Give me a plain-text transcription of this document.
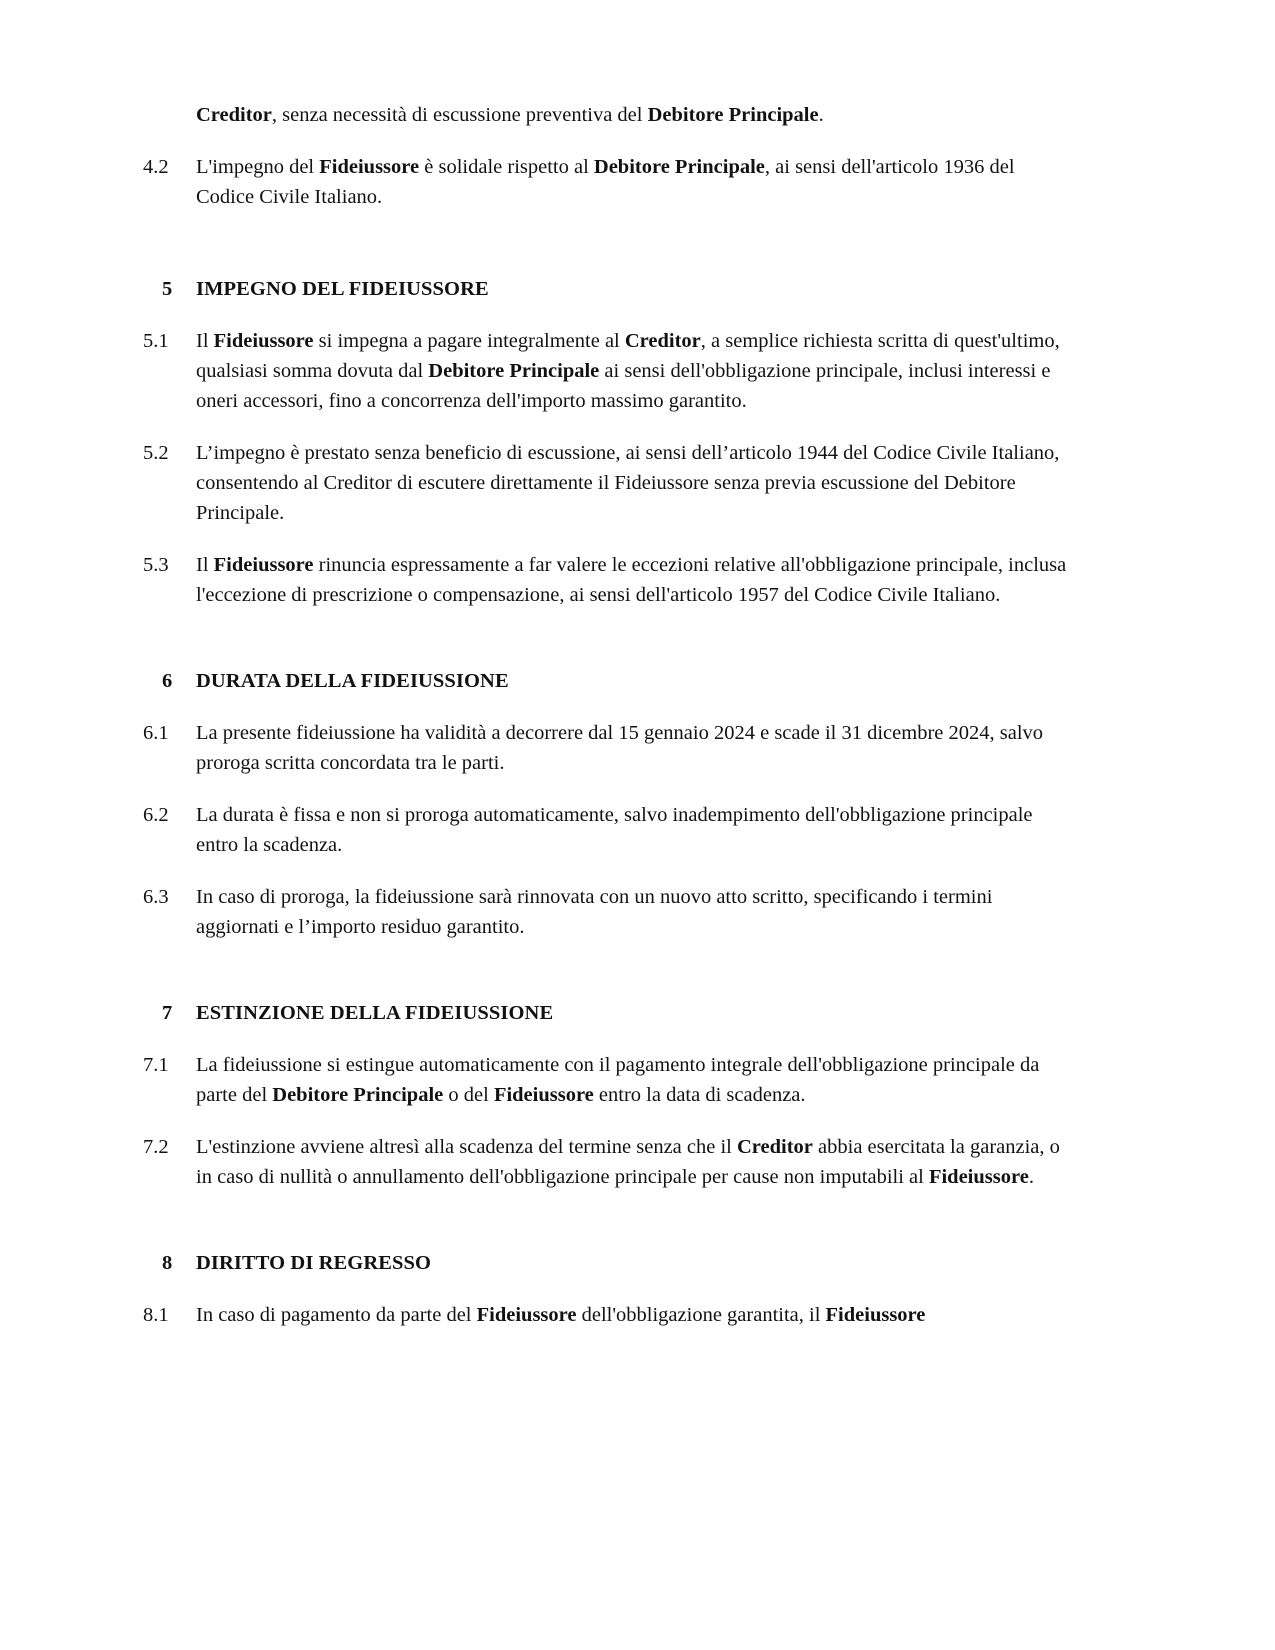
Creditor, senza necessità di escussione preventiva del Debitore Principale.

4.2	L'impegno del Fideiussore è solidale rispetto al Debitore Principale, ai sensi dell'articolo 1936 del Codice Civile Italiano.
5	IMPEGNO DEL FIDEIUSSORE
5.1	Il Fideiussore si impegna a pagare integralmente al Creditor, a semplice richiesta scritta di quest'ultimo, qualsiasi somma dovuta dal Debitore Principale ai sensi dell'obbligazione principale, inclusi interessi e oneri accessori, fino a concorrenza dell'importo massimo garantito.
5.2	L’impegno è prestato senza beneficio di escussione, ai sensi dell’articolo 1944 del Codice Civile Italiano, consentendo al Creditor di escutere direttamente il Fideiussore senza previa escussione del Debitore Principale.
5.3	Il Fideiussore rinuncia espressamente a far valere le eccezioni relative all'obbligazione principale, inclusa l'eccezione di prescrizione o compensazione, ai sensi dell'articolo 1957 del Codice Civile Italiano.
6	DURATA DELLA FIDEIUSSIONE
6.1	La presente fideiussione ha validità a decorrere dal 15 gennaio 2024 e scade il 31 dicembre 2024, salvo proroga scritta concordata tra le parti.
6.2	La durata è fissa e non si proroga automaticamente, salvo inadempimento dell'obbligazione principale entro la scadenza.
6.3	In caso di proroga, la fideiussione sarà rinnovata con un nuovo atto scritto, specificando i termini aggiornati e l’importo residuo garantito.
7	ESTINZIONE DELLA FIDEIUSSIONE
7.1	La fideiussione si estingue automaticamente con il pagamento integrale dell'obbligazione principale da parte del Debitore Principale o del Fideiussore entro la data di scadenza.
7.2	L'estinzione avviene altresì alla scadenza del termine senza che il Creditor abbia esercitata la garanzia, o in caso di nullità o annullamento dell'obbligazione principale per cause non imputabili al Fideiussore.
8	DIRITTO DI REGRESSO
8.1	In caso di pagamento da parte del Fideiussore dell'obbligazione garantita, il Fideiussore
